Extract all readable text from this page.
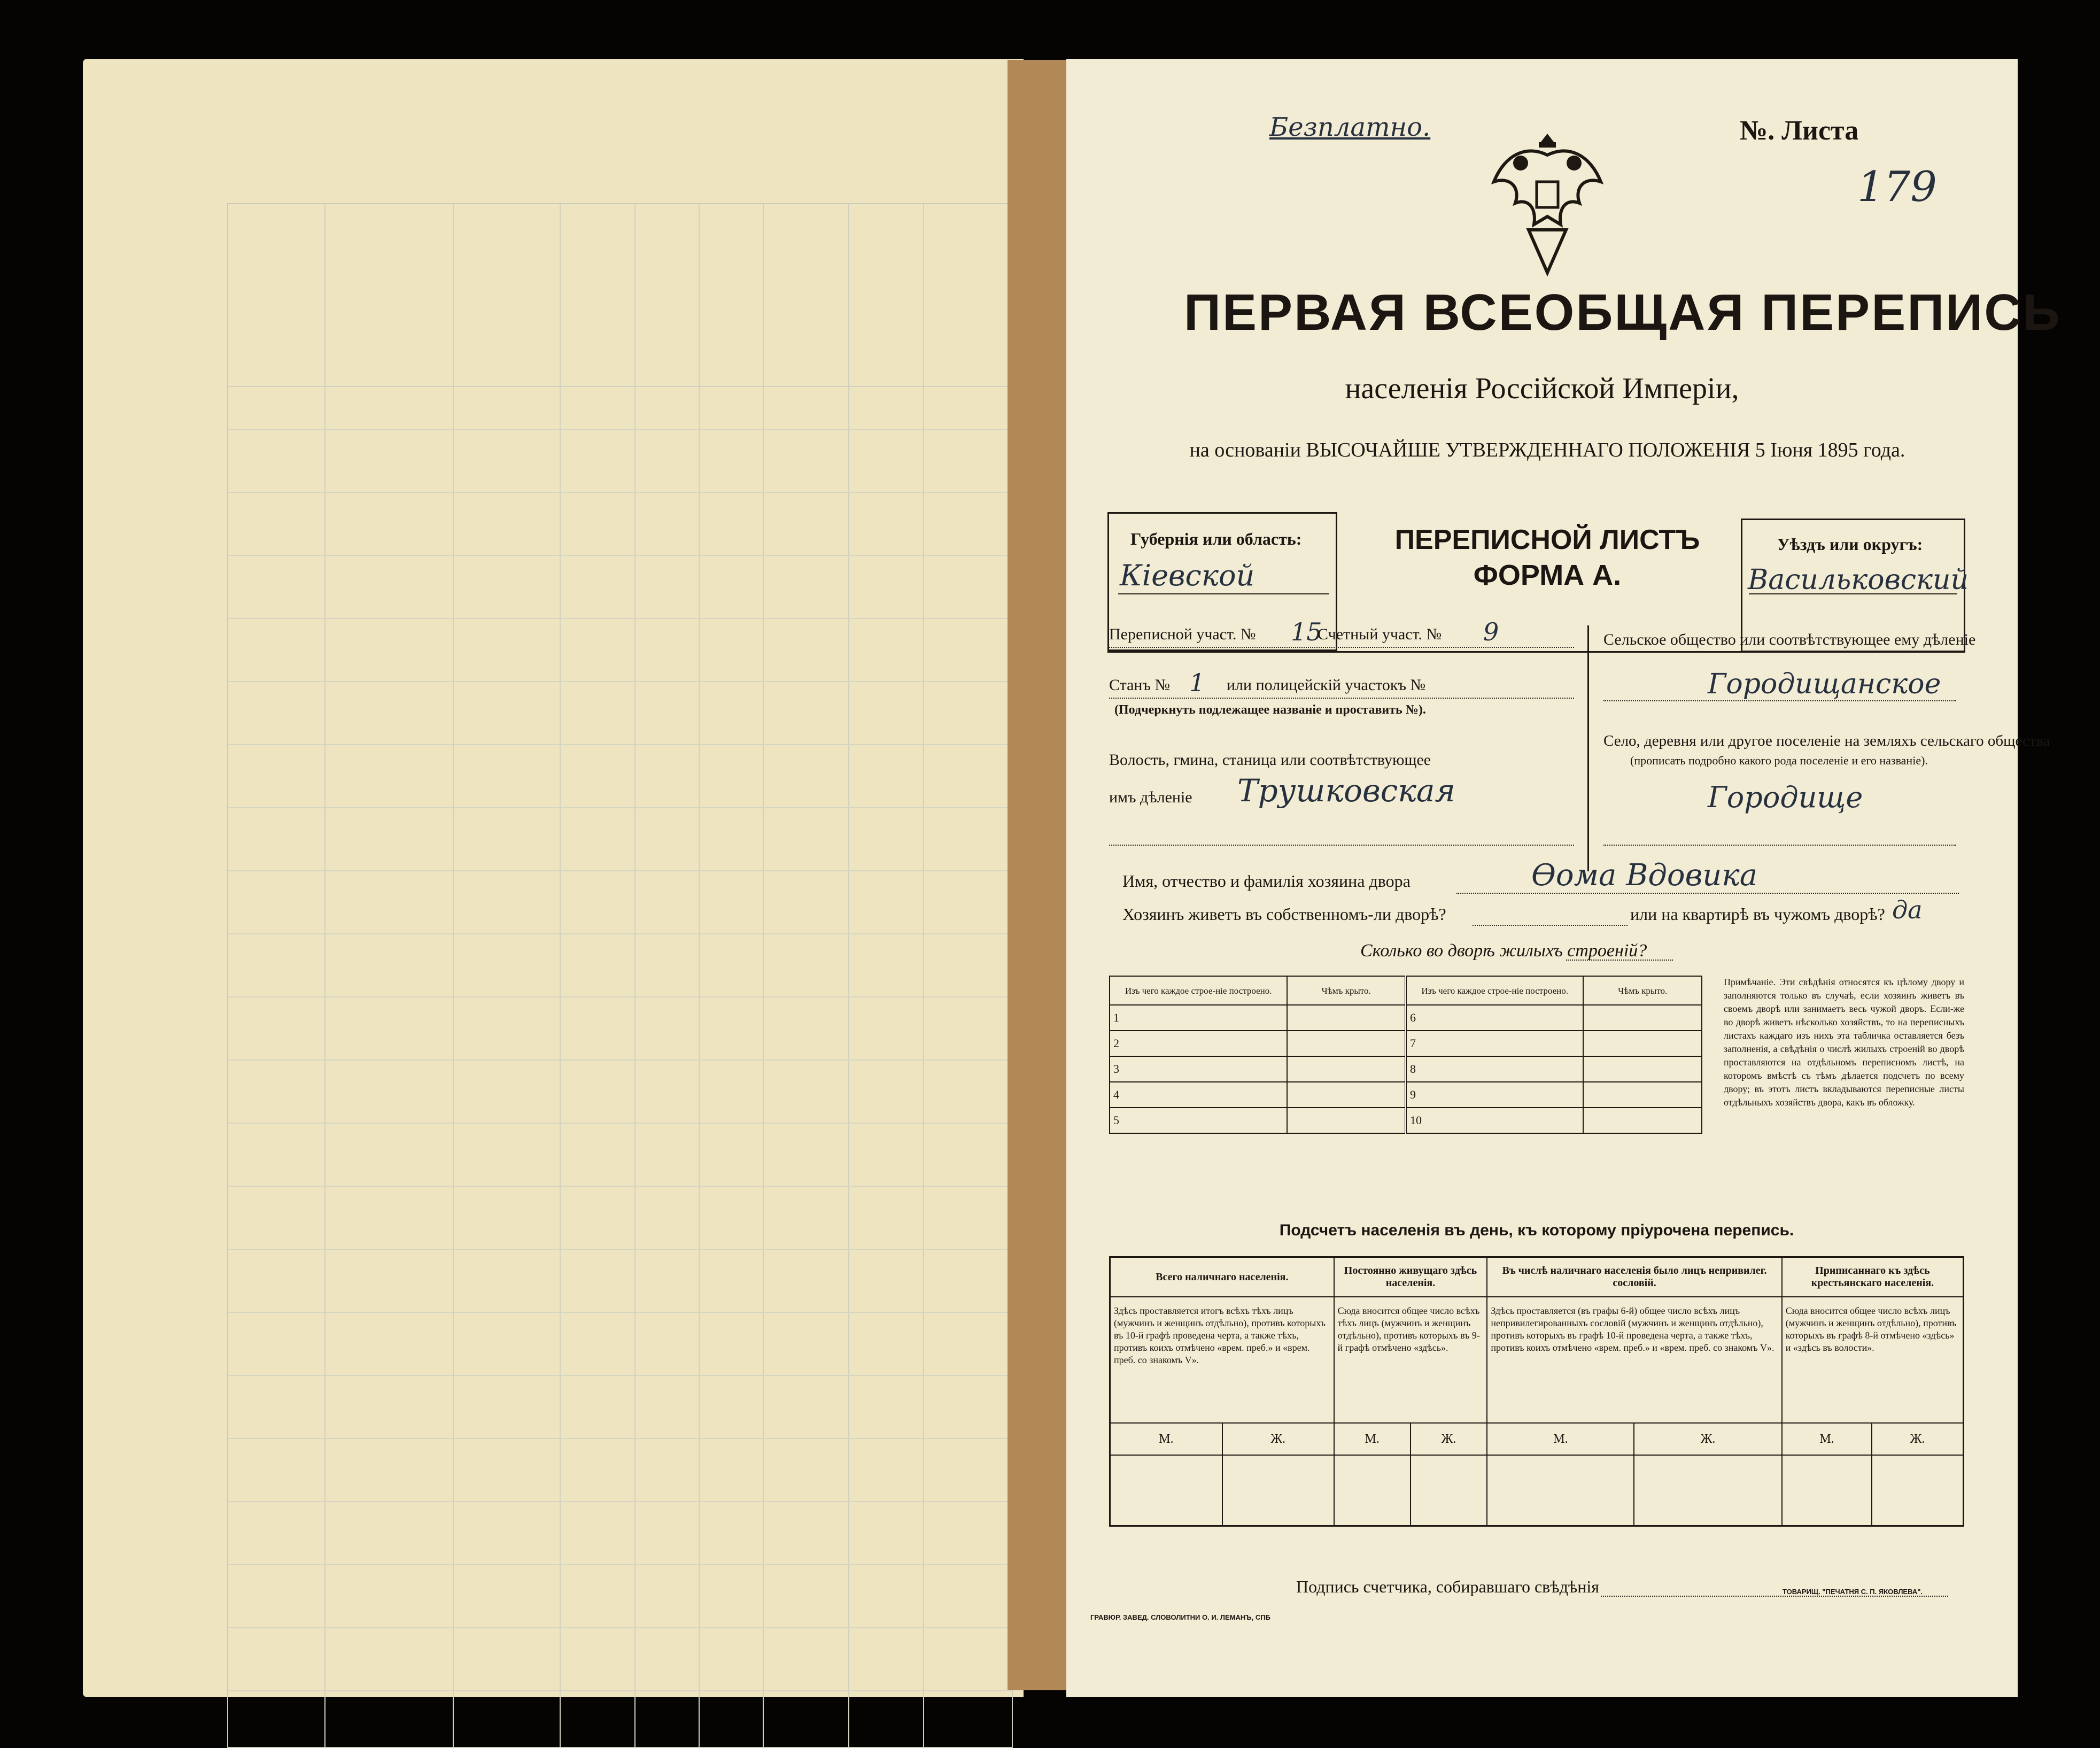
Безплатно.	№. Листа
179
ПЕРВАЯ ВСЕОБЩАЯ ПЕРЕПИСЬ
населенія Россійской Имперіи,
на основаніи ВЫСОЧАЙШЕ УТВЕРЖДЕННАГО ПОЛОЖЕНІЯ 5 Іюня 1895 года.
Губернія или область:
Кіевской
ПЕРЕПИСНОЙ ЛИСТЪ
ФОРМА А.
Уѣздъ или округъ:
Васильковский
Переписной участ. № 15
Счетный участ. № 9
Станъ № 1 или полицейскій участокъ №
(Подчеркнуть подлежащее названіе и проставить №).
Волость, гмина, станица или соотвѣтствующее
имъ дѣленіе Трушковская
Сельское общество или соотвѣтствующее ему дѣленіе
Городищанское
Село, деревня или другое поселеніе на земляхъ сельскаго общества
(прописать подробно какого рода поселеніе и его названіе).
Городище
Имя, отчество и фамилія хозяина двора	Ѳома Вдовика
Хозяинъ живетъ въ собственномъ-ли дворѣ?	или на квартирѣ въ чужомъ дворѣ? да
Сколько во дворѣ жилыхъ строеній?
Изъ чего каждое строе-ніе построено.	Чѣмъ крыто.	Изъ чего каждое строе-ніе построено.	Чѣмъ крыто.
1		6	
2		7	
3		8	
4		9	
5		10	
Примѣчаніе. Эти свѣдѣнія относятся къ цѣлому двору и заполняются только въ случаѣ, если хозяинъ живетъ въ своемъ дворѣ или занимаетъ весь чужой дворъ. Если-же во дворѣ живетъ нѣсколько хозяйствъ, то на переписныхъ листахъ каждаго изъ нихъ эта табличка оставляется безъ заполненія, а свѣдѣнія о числѣ жилыхъ строеній во дворѣ проставляются на отдѣльномъ переписномъ листѣ, на которомъ вмѣстѣ съ тѣмъ дѣлается подсчетъ по всему двору; въ этотъ листъ вкладываются переписные листы отдѣльныхъ хозяйствъ двора, какъ въ обложку.
Подсчетъ населенія въ день, къ которому пріурочена перепись.
Всего наличнаго населенія.		Постоянно живущаго здѣсь населенія.		Въ числѣ наличнаго населенія было лицъ непривилег. сословій.		Приписаннаго къ здѣсь крестьянскаго населенія.	
Здѣсь проставляется итогъ всѣхъ тѣхъ лицъ (мужчинъ и женщинъ отдѣльно), противъ которыхъ въ 10-й графѣ проведена черта, а также тѣхъ, противъ коихъ отмѣчено «врем. преб.» и «врем. преб. со знакомъ V».		Сюда вносится общее число всѣхъ тѣхъ лицъ (мужчинъ и женщинъ отдѣльно), противъ которыхъ въ 9-й графѣ отмѣчено «здѣсь».		Здѣсь проставляется (въ графы 6-й) общее число всѣхъ лицъ непривилегированныхъ сословій (мужчинъ и женщинъ отдѣльно), противъ которыхъ въ графѣ 10-й проведена черта, а также тѣхъ, противъ коихъ отмѣчено «врем. преб.» и «врем. преб. со знакомъ V».		Сюда вносится общее число всѣхъ лицъ (мужчинъ и женщинъ отдѣльно), противъ которыхъ въ графѣ 8-й отмѣчено «здѣсь» и «здѣсь въ волости».	
М.	Ж.	М.	Ж.	М.	Ж.	М.	Ж.

Подпись счетчика, собиравшаго свѣдѣнія
ГРАВЮР. ЗАВЕД. СЛОВОЛИТНИ О. И. ЛЕМАНЪ, СПБ
ТОВАРИЩ. "ПЕЧАТНЯ С. П. ЯКОВЛЕВА".
